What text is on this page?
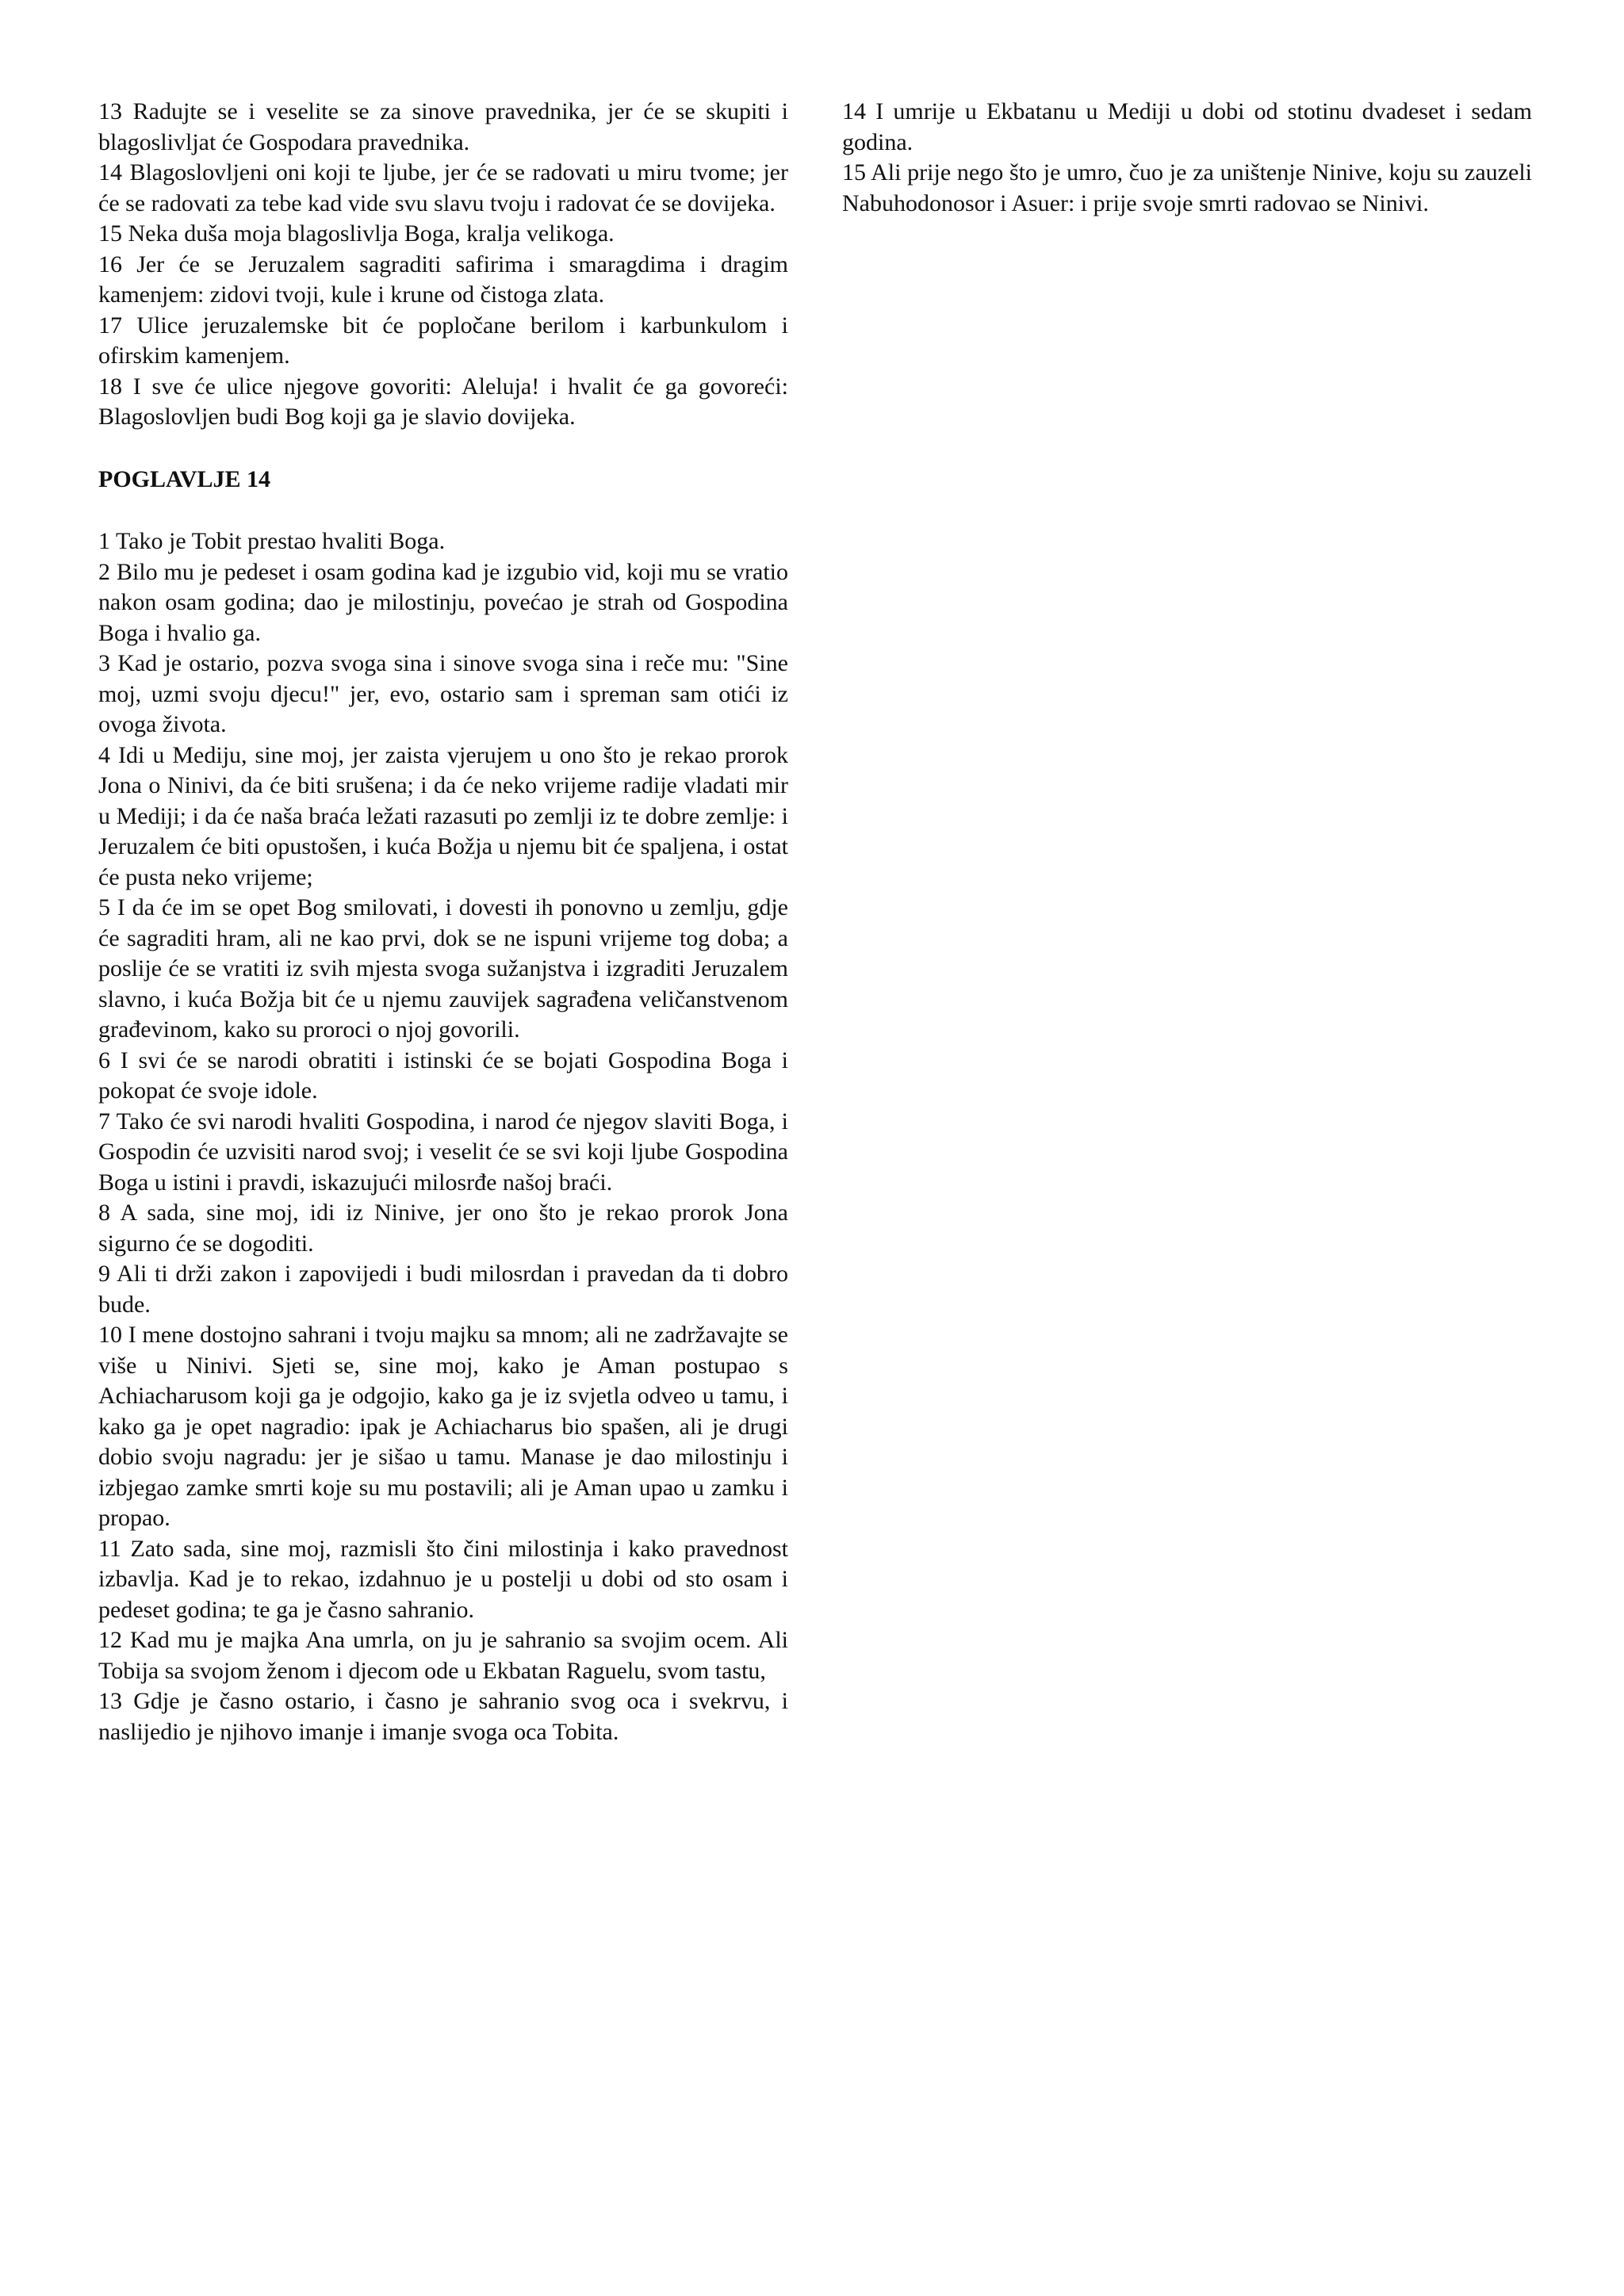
13 Radujte se i veselite se za sinove pravednika, jer će se skupiti i blagoslivljat će Gospodara pravednika.

14 Blagoslovljeni oni koji te ljube, jer će se radovati u miru tvome; jer će se radovati za tebe kad vide svu slavu tvoju i radovat će se dovijeka.

15 Neka duša moja blagoslivlja Boga, kralja velikoga.

16 Jer će se Jeruzalem sagraditi safirima i smaragdima i dragim kamenjem: zidovi tvoji, kule i krune od čistoga zlata.

17 Ulice jeruzalemske bit će popločane berilom i karbunkulom i ofirskim kamenjem.

18 I sve će ulice njegove govoriti: Aleluja! i hvalit će ga govoreći: Blagoslovljen budi Bog koji ga je slavio dovijeka.

POGLAVLJE 14

1 Tako je Tobit prestao hvaliti Boga.

2 Bilo mu je pedeset i osam godina kad je izgubio vid, koji mu se vratio nakon osam godina; dao je milostinju, povećao je strah od Gospodina Boga i hvalio ga.

3 Kad je ostario, pozva svoga sina i sinove svoga sina i reče mu: "Sine moj, uzmi svoju djecu!" jer, evo, ostario sam i spreman sam otići iz ovoga života.

4 Idi u Mediju, sine moj, jer zaista vjerujem u ono što je rekao prorok Jona o Ninivi, da će biti srušena; i da će neko vrijeme radije vladati mir u Mediji; i da će naša braća ležati razasuti po zemlji iz te dobre zemlje: i Jeruzalem će biti opustošen, i kuća Božja u njemu bit će spaljena, i ostat će pusta neko vrijeme;

5 I da će im se opet Bog smilovati, i dovesti ih ponovno u zemlju, gdje će sagraditi hram, ali ne kao prvi, dok se ne ispuni vrijeme tog doba; a poslije će se vratiti iz svih mjesta svoga sužanjstva i izgraditi Jeruzalem slavno, i kuća Božja bit će u njemu zauvijek sagrađena veličanstvenom građevinom, kako su proroci o njoj govorili.

6 I svi će se narodi obratiti i istinski će se bojati Gospodina Boga i pokopat će svoje idole.

7 Tako će svi narodi hvaliti Gospodina, i narod će njegov slaviti Boga, i Gospodin će uzvisiti narod svoj; i veselit će se svi koji ljube Gospodina Boga u istini i pravdi, iskazujući milosrđe našoj braći.

8 A sada, sine moj, idi iz Ninive, jer ono što je rekao prorok Jona sigurno će se dogoditi.

9 Ali ti drži zakon i zapovijedi i budi milosrdan i pravedan da ti dobro bude.

10 I mene dostojno sahrani i tvoju majku sa mnom; ali ne zadržavajte se više u Ninivi. Sjeti se, sine moj, kako je Aman postupao s Achiacharusom koji ga je odgojio, kako ga je iz svjetla odveo u tamu, i kako ga je opet nagradio: ipak je Achiacharus bio spašen, ali je drugi dobio svoju nagradu: jer je sišao u tamu. Manase je dao milostinju i izbjegao zamke smrti koje su mu postavili; ali je Aman upao u zamku i propao.

11 Zato sada, sine moj, razmisli što čini milostinja i kako pravednost izbavlja. Kad je to rekao, izdahnuo je u postelji u dobi od sto osam i pedeset godina; te ga je časno sahranio.

12 Kad mu je majka Ana umrla, on ju je sahranio sa svojim ocem. Ali Tobija sa svojom ženom i djecom ode u Ekbatan Raguelu, svom tastu,

13 Gdje je časno ostario, i časno je sahranio svog oca i svekrvu, i naslijedio je njihovo imanje i imanje svoga oca Tobita.

14 I umrije u Ekbatanu u Mediji u dobi od stotinu dvadeset i sedam godina.

15 Ali prije nego što je umro, čuo je za uništenje Ninive, koju su zauzeli Nabuhodonosor i Asuer: i prije svoje smrti radovao se Ninivi.
